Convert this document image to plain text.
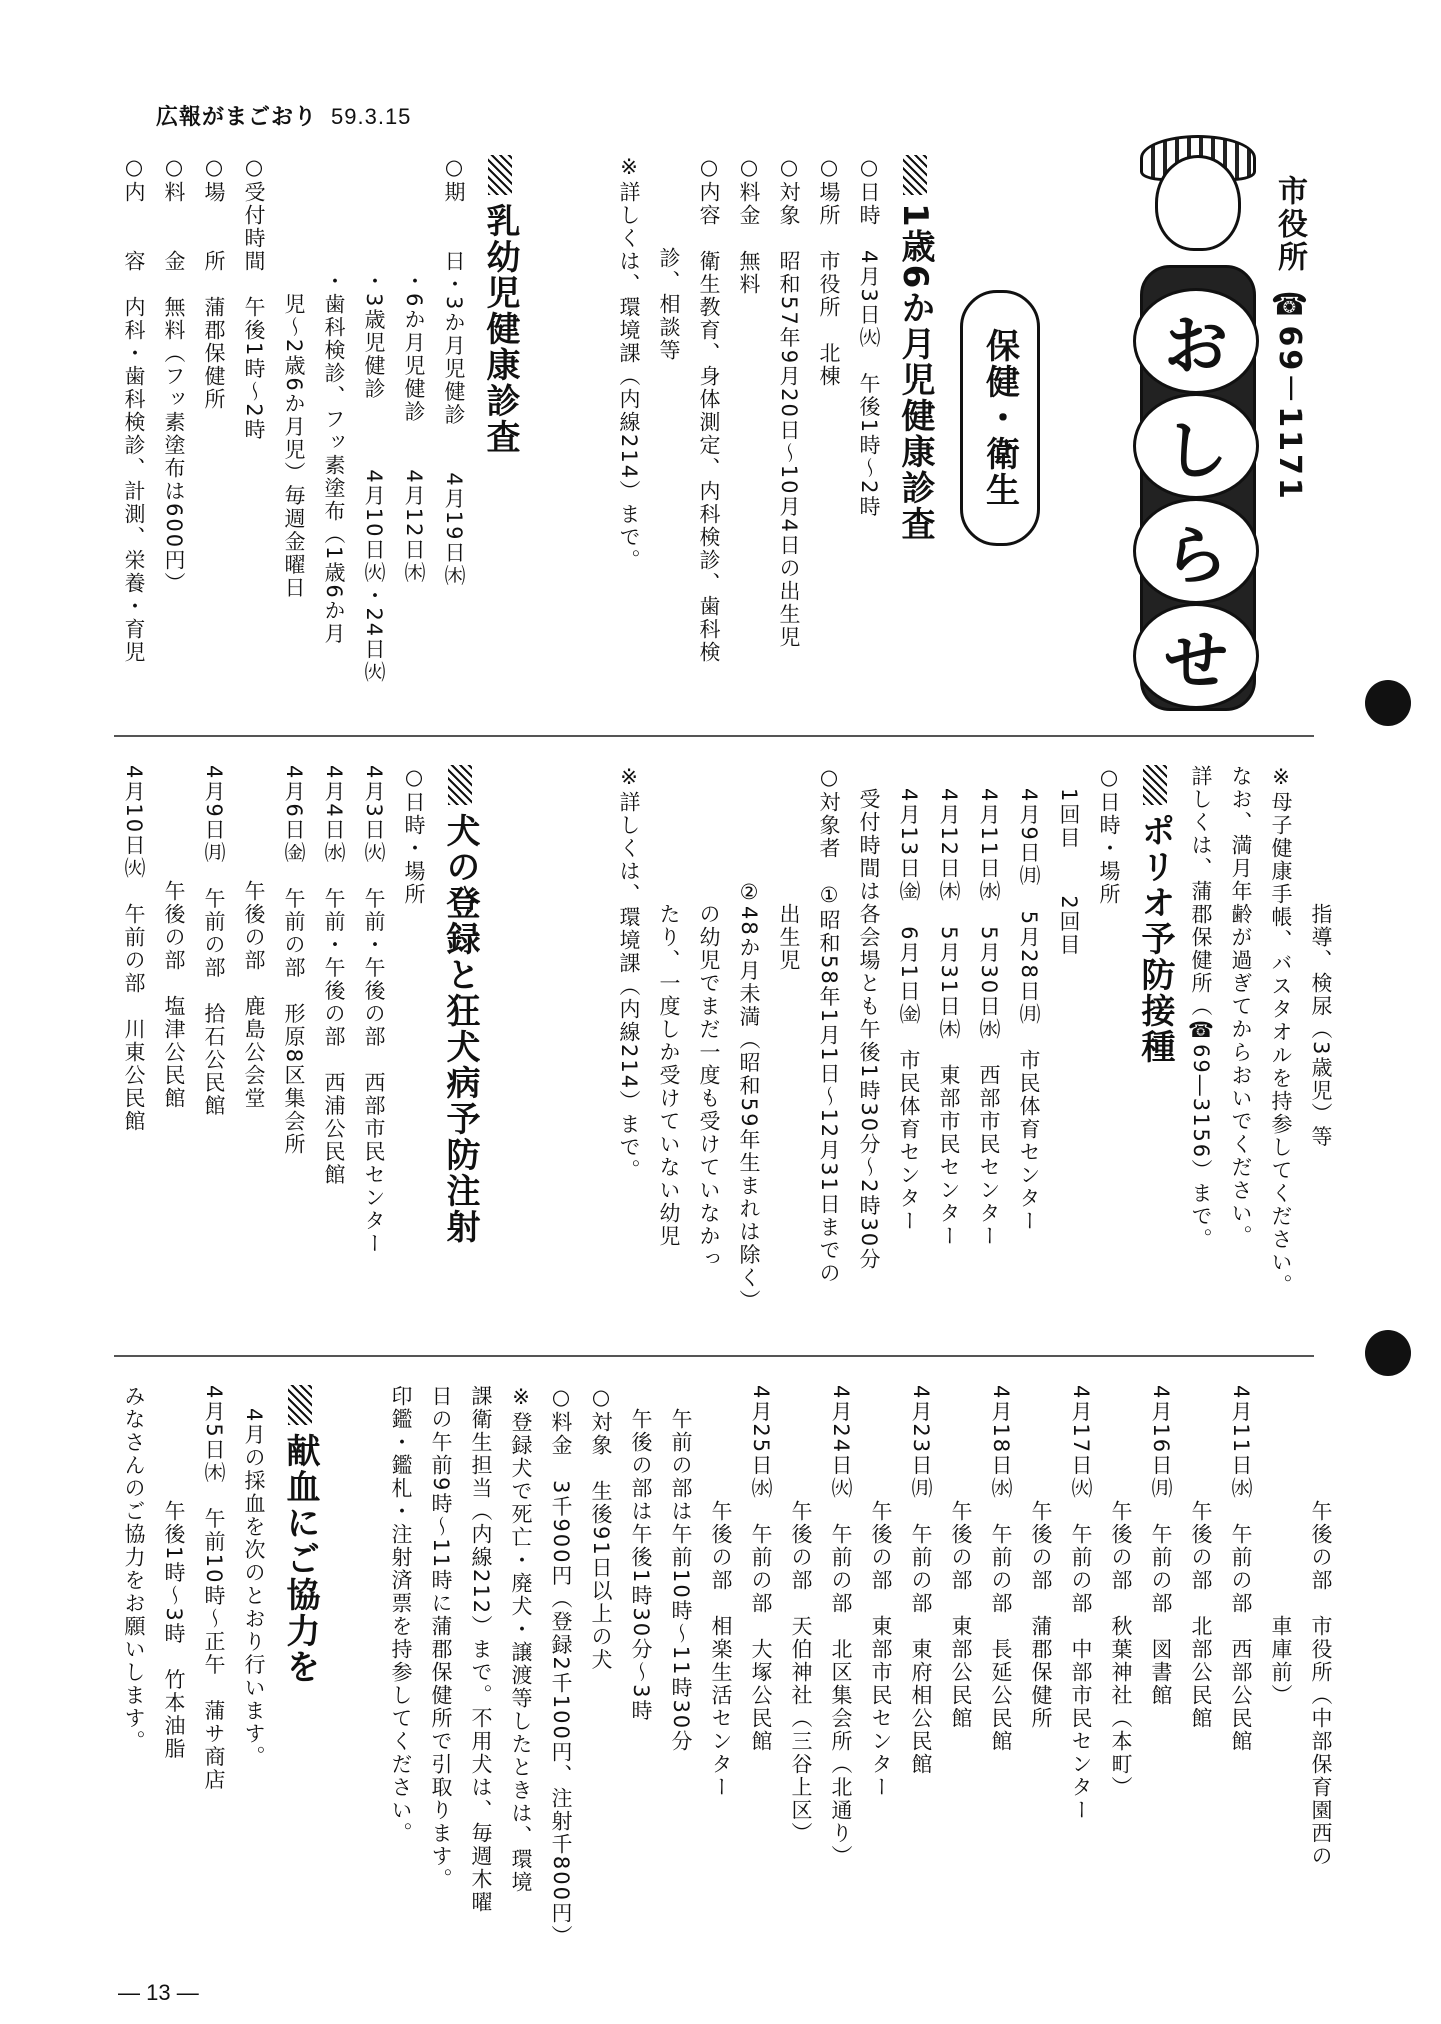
広報がまごおり 59.3.15
市役所 ☎69－1171
お
し
ら
せ
保健・衛生
1歳6か月児健康診査

○日時　4月3日㈫　午後1時〜2時

○場所　市役所　北棟

○対象　昭和57年9月20日〜10月4日の出生児

○料金　無料

○内容　衛生教育、身体測定、内科検診、歯科検

　　　　診、相談等

※詳しくは、環境課（内線214）まで。

乳幼児健康診査

○期　　日・3か月児健診　　4月19日㈭

　　　　　・6か月児健診　　4月12日㈭

　　　　　・3歳児健診　　　4月10日㈫・24日㈫

　　　　　・歯科検診、フッ素塗布（1歳6か月

　　　　　　児〜2歳6か月児）毎週金曜日

○受付時間　午後1時〜2時

○場　　所　蒲郡保健所

○料　　金　無料（フッ素塗布は600円）

○内　　容　内科・歯科検診、計測、栄養・育児

　　　　　　指導、検尿（3歳児）等

※母子健康手帳、バスタオルを持参してください。

なお、満月年齢が過ぎてからおいでください。

詳しくは、蒲郡保健所（☎69―3156）まで。

ポリオ予防接種

○日時・場所

　1回目　　2回目

　4月9日㈪　5月28日㈪　市民体育センター

　4月11日㈬　5月30日㈬　西部市民センター

　4月12日㈭　5月31日㈭　東部市民センター

　4月13日㈮　6月1日㈮　市民体育センター

　受付時間は各会場とも午後1時30分〜2時30分

○対象者　①昭和58年1月1日〜12月31日までの

　　　　　　出生児

　　　　　②48か月未満（昭和59年生まれは除く）

　　　　　　の幼児でまだ一度も受けていなかっ

　　　　　　たり、一度しか受けていない幼児

※詳しくは、環境課（内線214）まで。

犬の登録と狂犬病予防注射

○日時・場所

4月3日㈫　午前・午後の部　西部市民センター

4月4日㈬　午前・午後の部　西浦公民館

4月6日㈮　午前の部　形原8区集会所

　　　　　午後の部　鹿島公会堂

4月9日㈪　午前の部　拾石公民館

　　　　　午後の部　塩津公民館

4月10日㈫　午前の部　川東公民館

　　　　　午後の部　市役所（中部保育園西の

　　　　　　　　　　車庫前）

4月11日㈬　午前の部　西部公民館

　　　　　午後の部　北部公民館

4月16日㈪　午前の部　図書館

　　　　　午後の部　秋葉神社（本町）

4月17日㈫　午前の部　中部市民センター

　　　　　午後の部　蒲郡保健所

4月18日㈬　午前の部　長延公民館

　　　　　午後の部　東部公民館

4月23日㈪　午前の部　東府相公民館

　　　　　午後の部　東部市民センター

4月24日㈫　午前の部　北区集会所（北通り）

　　　　　午後の部　天伯神社（三谷上区）

4月25日㈬　午前の部　大塚公民館

　　　　　午後の部　相楽生活センター

　午前の部は午前10時〜11時30分

　午後の部は午後1時30分〜3時

○対象　生後91日以上の犬

○料金　3千900円（登録2千100円、注射千800円）

※登録犬で死亡・廃犬・譲渡等したときは、環境

課衛生担当（内線212）まで。不用犬は、毎週木曜

日の午前9時〜11時に蒲郡保健所で引取ります。

印鑑・鑑札・注射済票を持参してください。

献血にご協力を

　4月の採血を次のとおり行います。

4月5日㈭　午前10時〜正午　蒲サ商店

　　　　　午後1時〜3時　竹本油脂

みなさんのご協力をお願いします。

— 13 —
